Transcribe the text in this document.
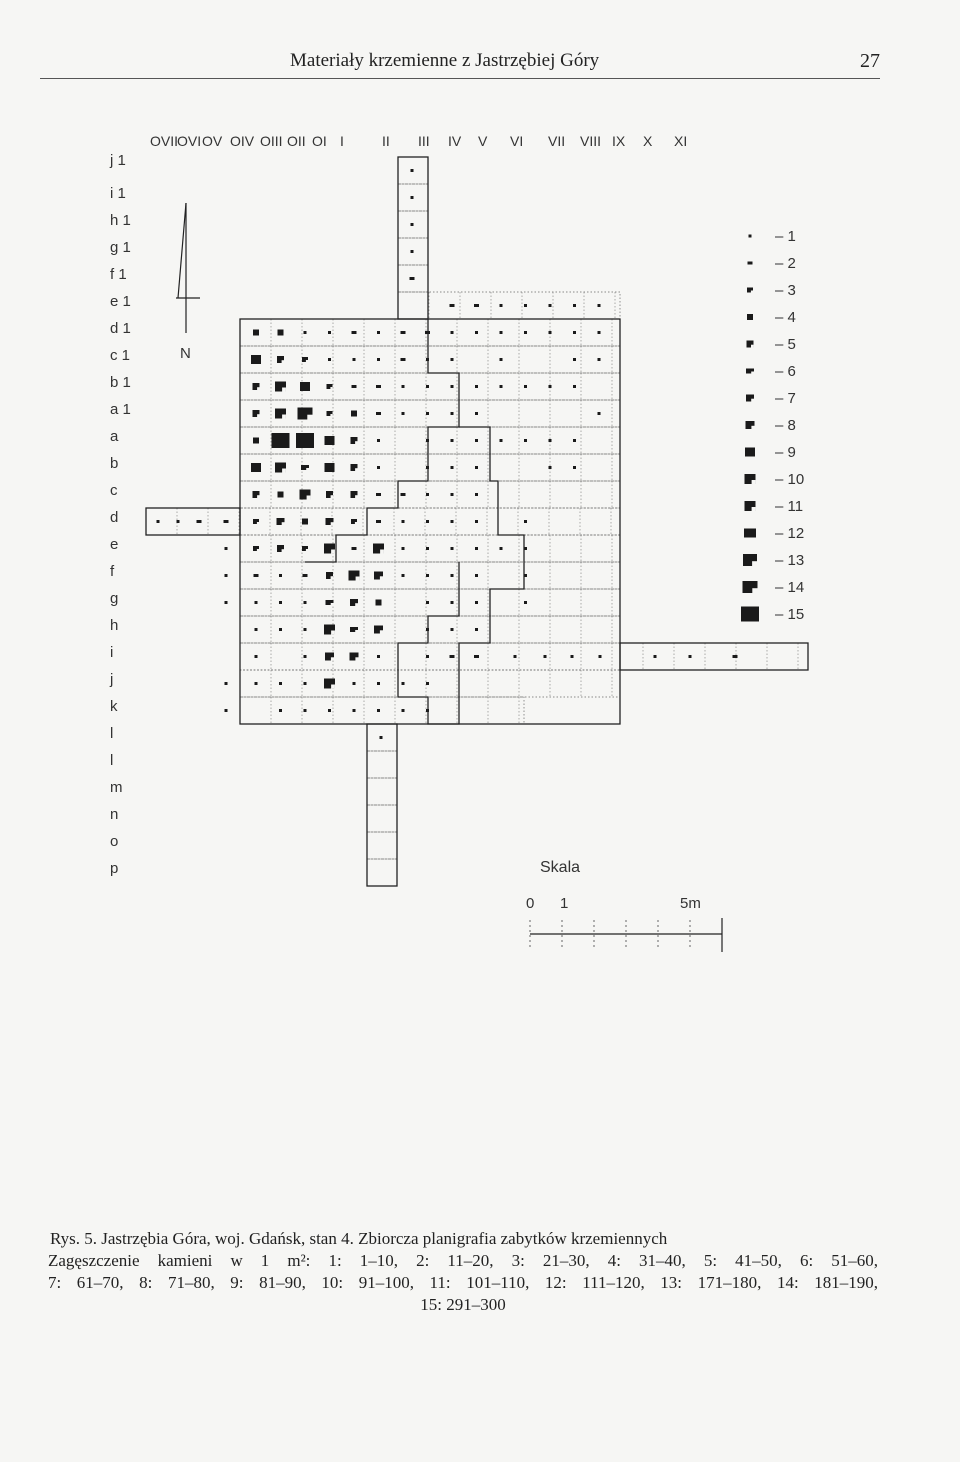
Materiały krzemienne z Jastrzębiej Góry	27
OVII
OVI OV OIV OIII OII OI I	II III IV V VI VII VIII IX X XI
j 1
i 1
h 1
g 1
f 1
e 1
d 1
c 1
b 1
a 1
a
b
c
d
e
f
g
h
i
j
k
l
l
m
n
o
p
N
– 1
– 2
– 3
– 4
– 5
– 6
– 7
– 8
– 9
– 10
– 11
– 12
– 13
– 14
– 15
Skala
0 1	5m

Rys. 5. Jastrzębia Góra, woj. Gdańsk, stan 4. Zbiorcza planigrafia zabytków krzemiennych

Zagęszczenie kamieni w 1 m²: 1: 1–10, 2: 11–20, 3: 21–30, 4: 31–40, 5: 41–50, 6: 51–60,

7: 61–70, 8: 71–80, 9: 81–90, 10: 91–100, 11: 101–110, 12: 111–120, 13: 171–180, 14: 181–190,

15: 291–300
